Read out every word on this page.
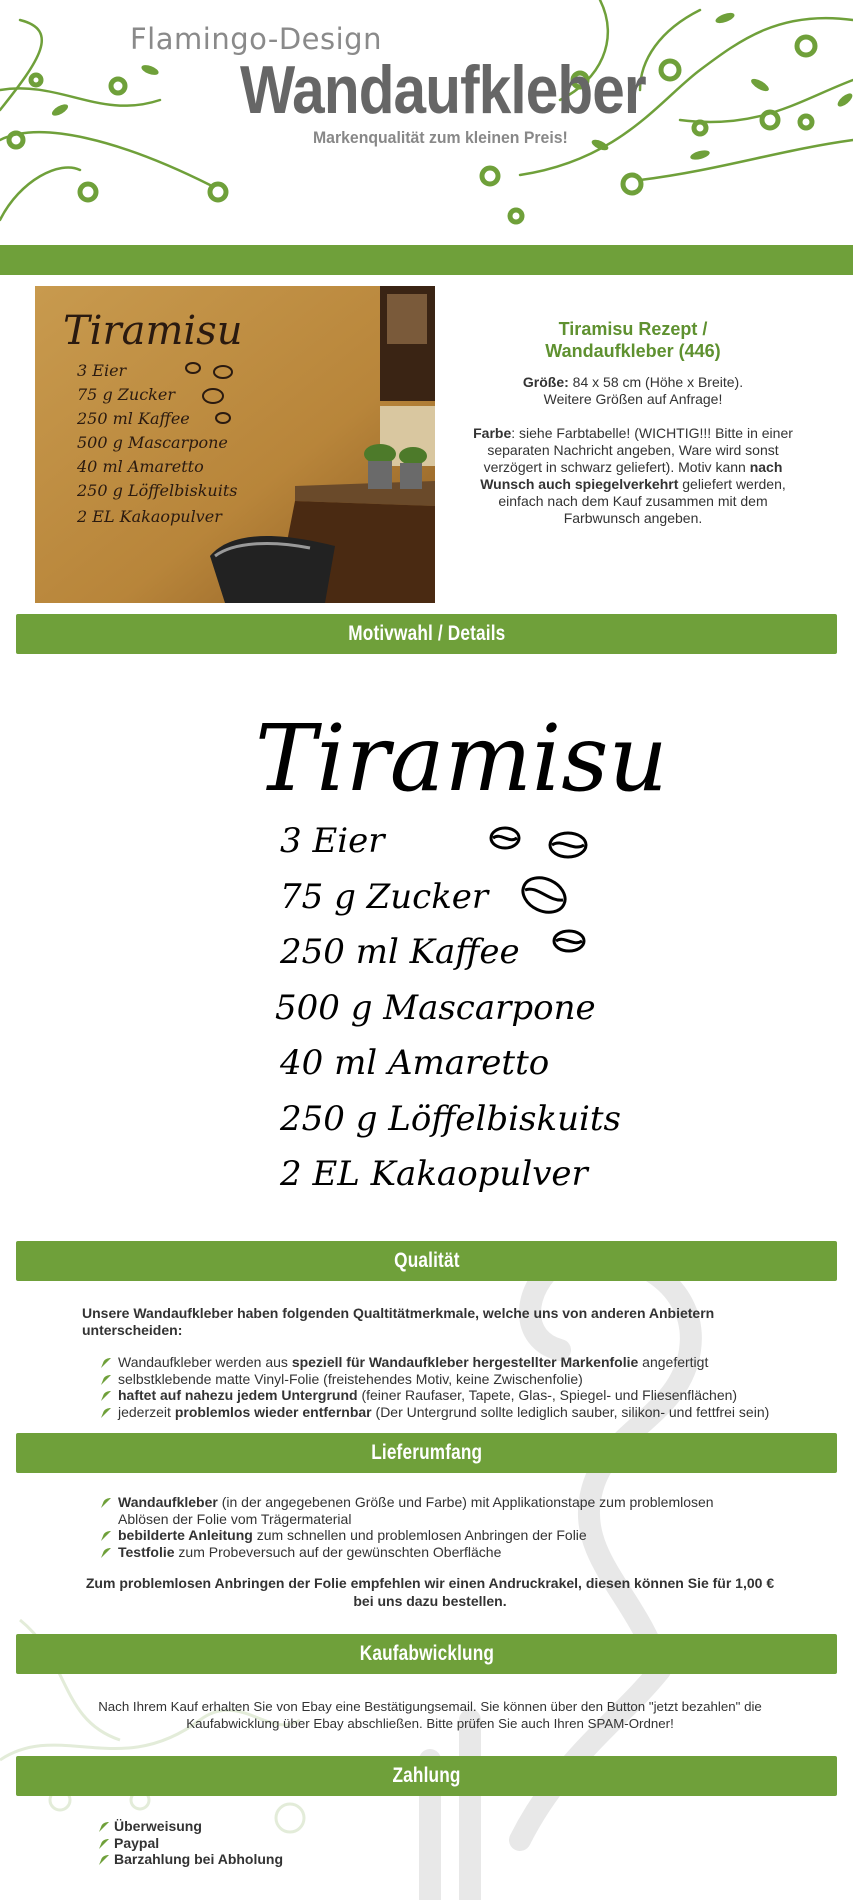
Flamingo-Design
Wandaufkleber
Markenqualität zum kleinen Preis!
Tiramisu
3 Eier
75 g Zucker
250 ml Kaffee
500 g Mascarpone
40 ml Amaretto
250 g Löffelbiskuits
2 EL Kakaopulver
Tiramisu Rezept /
Wandaufkleber (446)
Größe: 84 x 58 cm (Höhe x Breite).
Weitere Größen auf Anfrage!
Farbe: siehe Farbtabelle! (WICHTIG!!! Bitte in einer separaten Nachricht angeben, Ware wird sonst verzögert in schwarz geliefert). Motiv kann nach Wunsch auch spiegelverkehrt geliefert werden, einfach nach dem Kauf zusammen mit dem Farbwunsch angeben.
Motivwahl / Details
Tiramisu
3 Eier
75 g Zucker
250 ml Kaffee
500 g Mascarpone
40 ml Amaretto
250 g Löffelbiskuits
2 EL Kakaopulver
Qualität
Unsere Wandaufkleber haben folgenden Qualtitätmerkmale, welche uns von anderen Anbietern unterscheiden:
Wandaufkleber werden aus speziell für Wandaufkleber hergestellter Markenfolie angefertigt
selbstklebende matte Vinyl-Folie (freistehendes Motiv, keine Zwischenfolie)
haftet auf nahezu jedem Untergrund (feiner Raufaser, Tapete, Glas-, Spiegel- und Fliesenflächen)
jederzeit problemlos wieder entfernbar (Der Untergrund sollte lediglich sauber, silikon- und fettfrei sein)
Lieferumfang
Wandaufkleber (in der angegebenen Größe und Farbe) mit Applikationstape zum problemlosen Ablösen der Folie vom Trägermaterial
bebilderte Anleitung zum schnellen und problemlosen Anbringen der Folie
Testfolie zum Probeversuch auf der gewünschten Oberfläche
Zum problemlosen Anbringen der Folie empfehlen wir einen Andruckrakel, diesen können Sie für 1,00 € bei uns dazu bestellen.
Kaufabwicklung
Nach Ihrem Kauf erhalten Sie von Ebay eine Bestätigungsemail. Sie können über den Button "jetzt bezahlen" die Kaufabwicklung über Ebay abschließen. Bitte prüfen Sie auch Ihren SPAM-Ordner!
Zahlung
Überweisung
Paypal
Barzahlung bei Abholung
